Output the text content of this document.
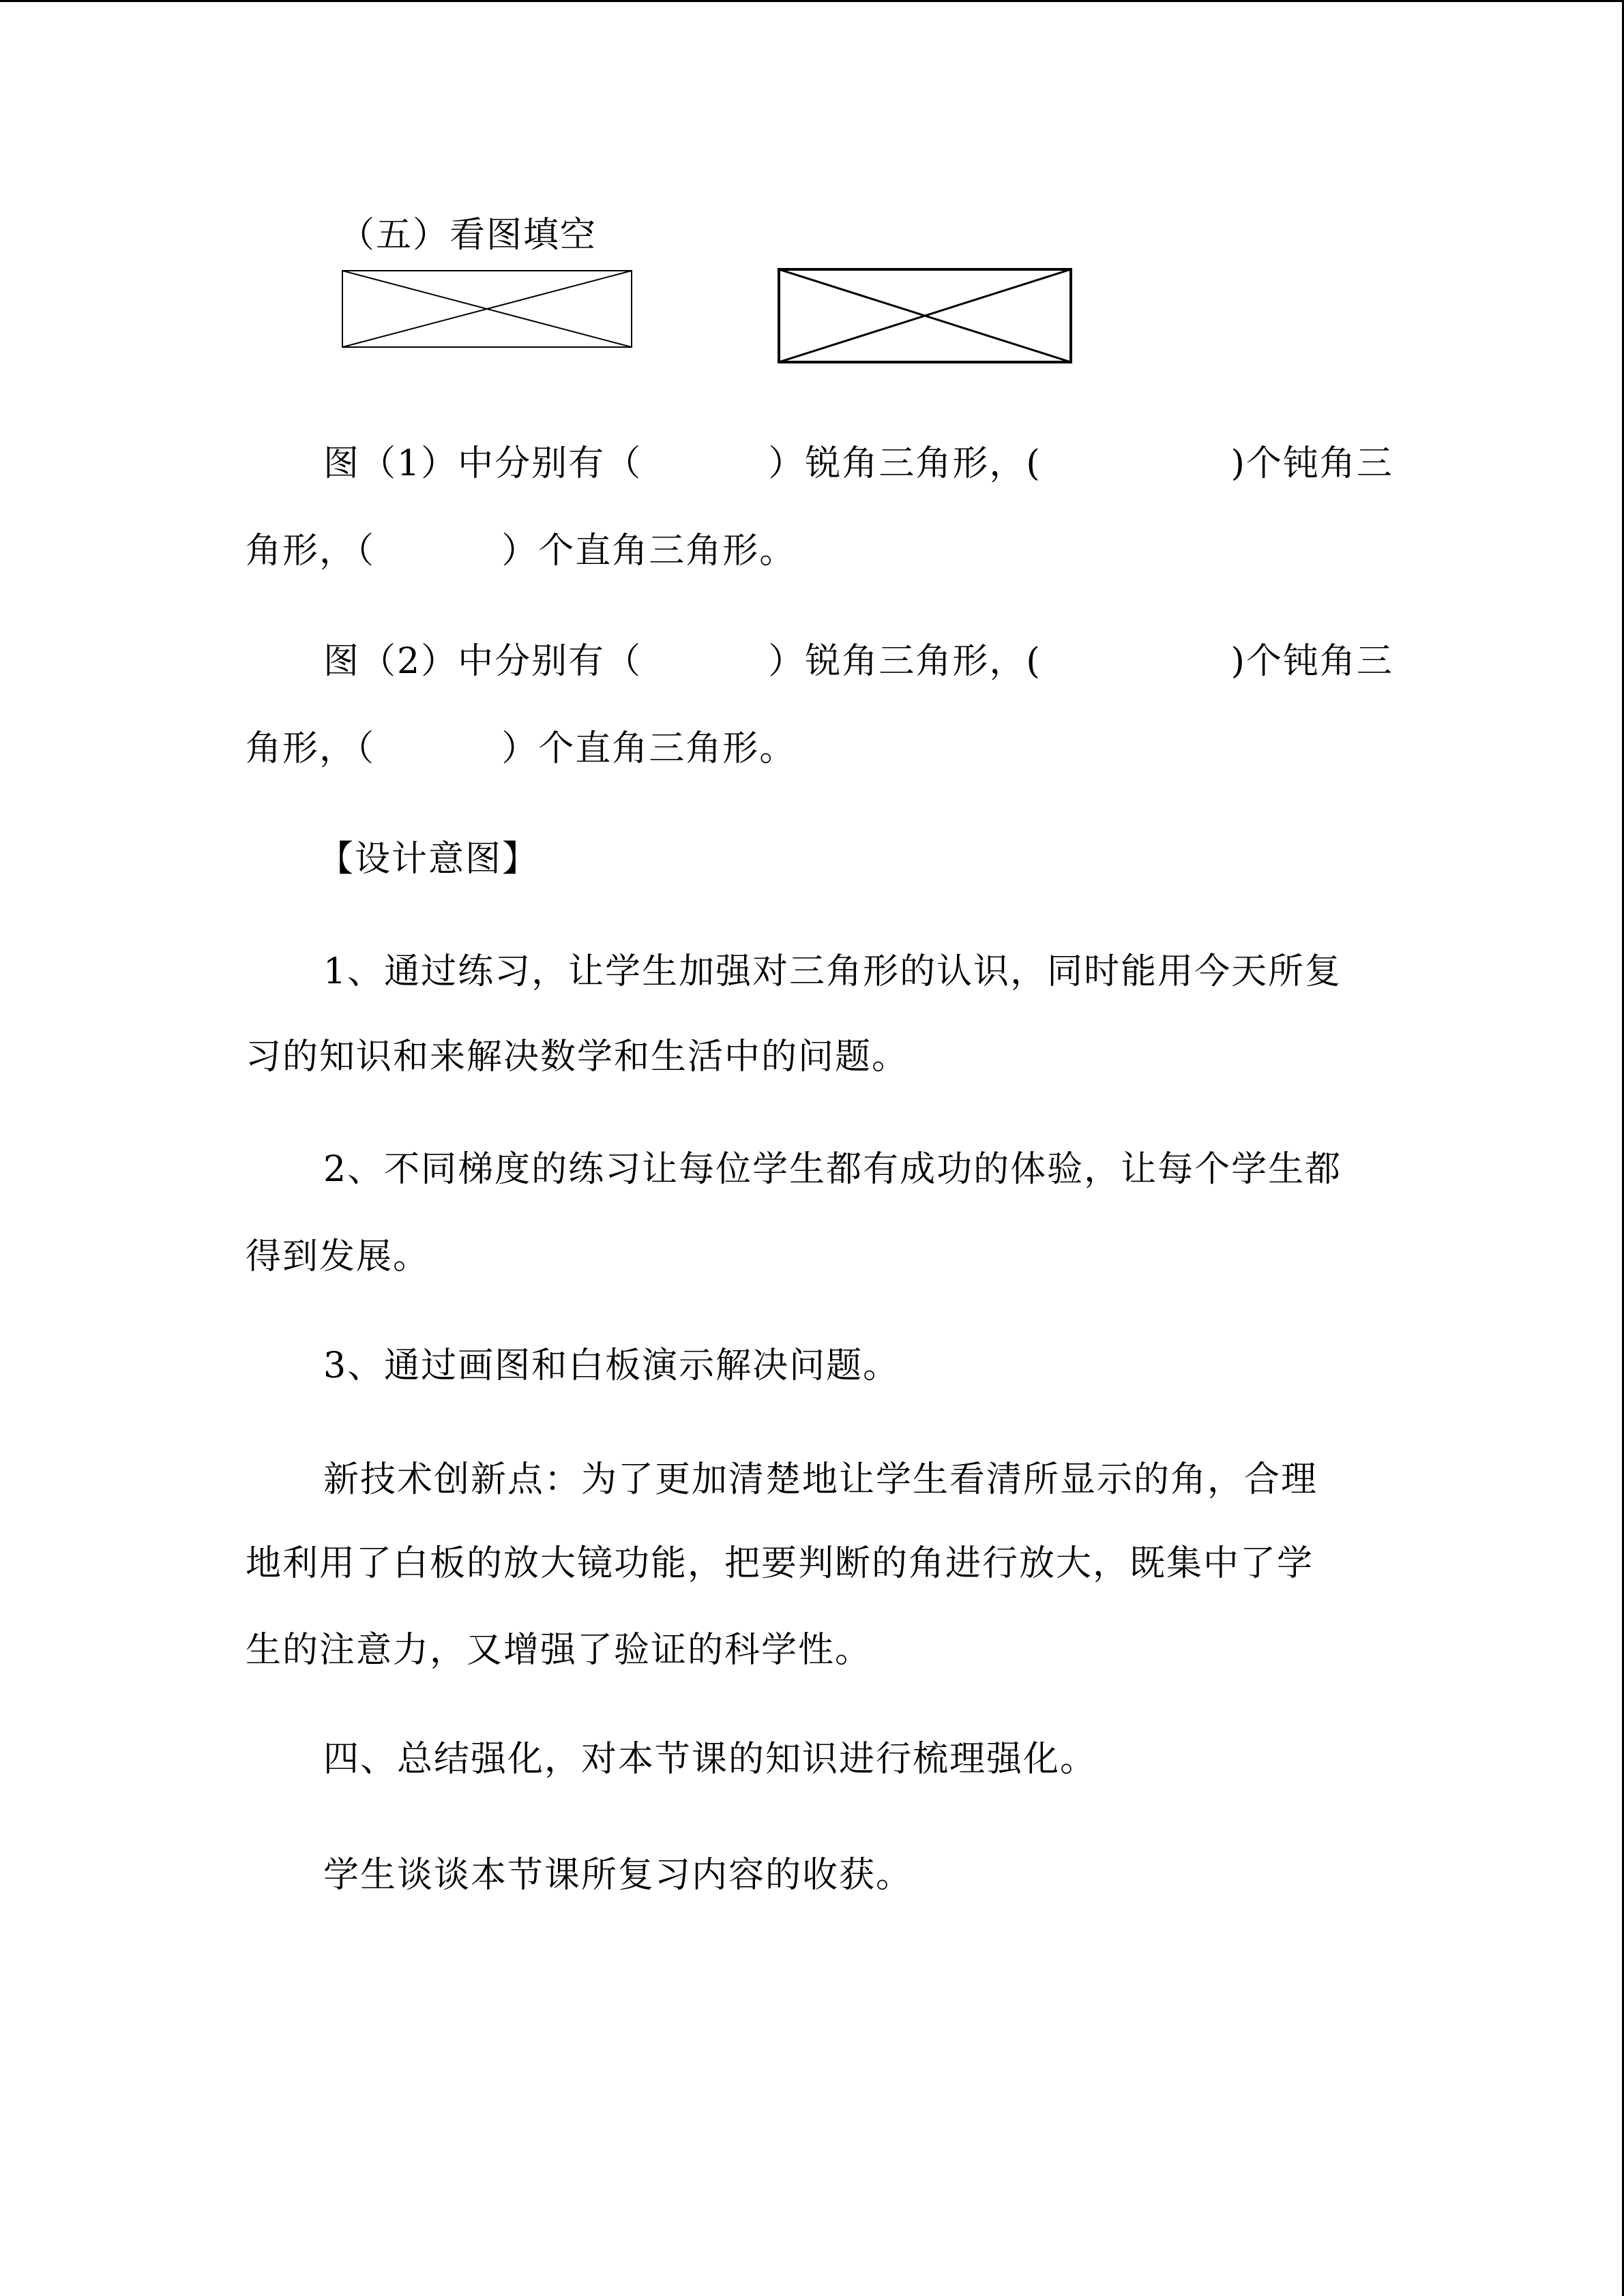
（五）看图填空
图（1）中分别有（          ）锐角三角形，(               )个钝角三
角形，（          ）个直角三角形。
图（2）中分别有（          ）锐角三角形，(               )个钝角三
角形，（          ）个直角三角形。
【设计意图】
1、通过练习，让学生加强对三角形的认识，同时能用今天所复
习的知识和来解决数学和生活中的问题。
2、不同梯度的练习让每位学生都有成功的体验，让每个学生都
得到发展。
3、通过画图和白板演示解决问题。
新技术创新点：为了更加清楚地让学生看清所显示的角，合理
地利用了白板的放大镜功能，把要判断的角进行放大，既集中了学
生的注意力，又增强了验证的科学性。
四、总结强化，对本节课的知识进行梳理强化。
学生谈谈本节课所复习内容的收获。
